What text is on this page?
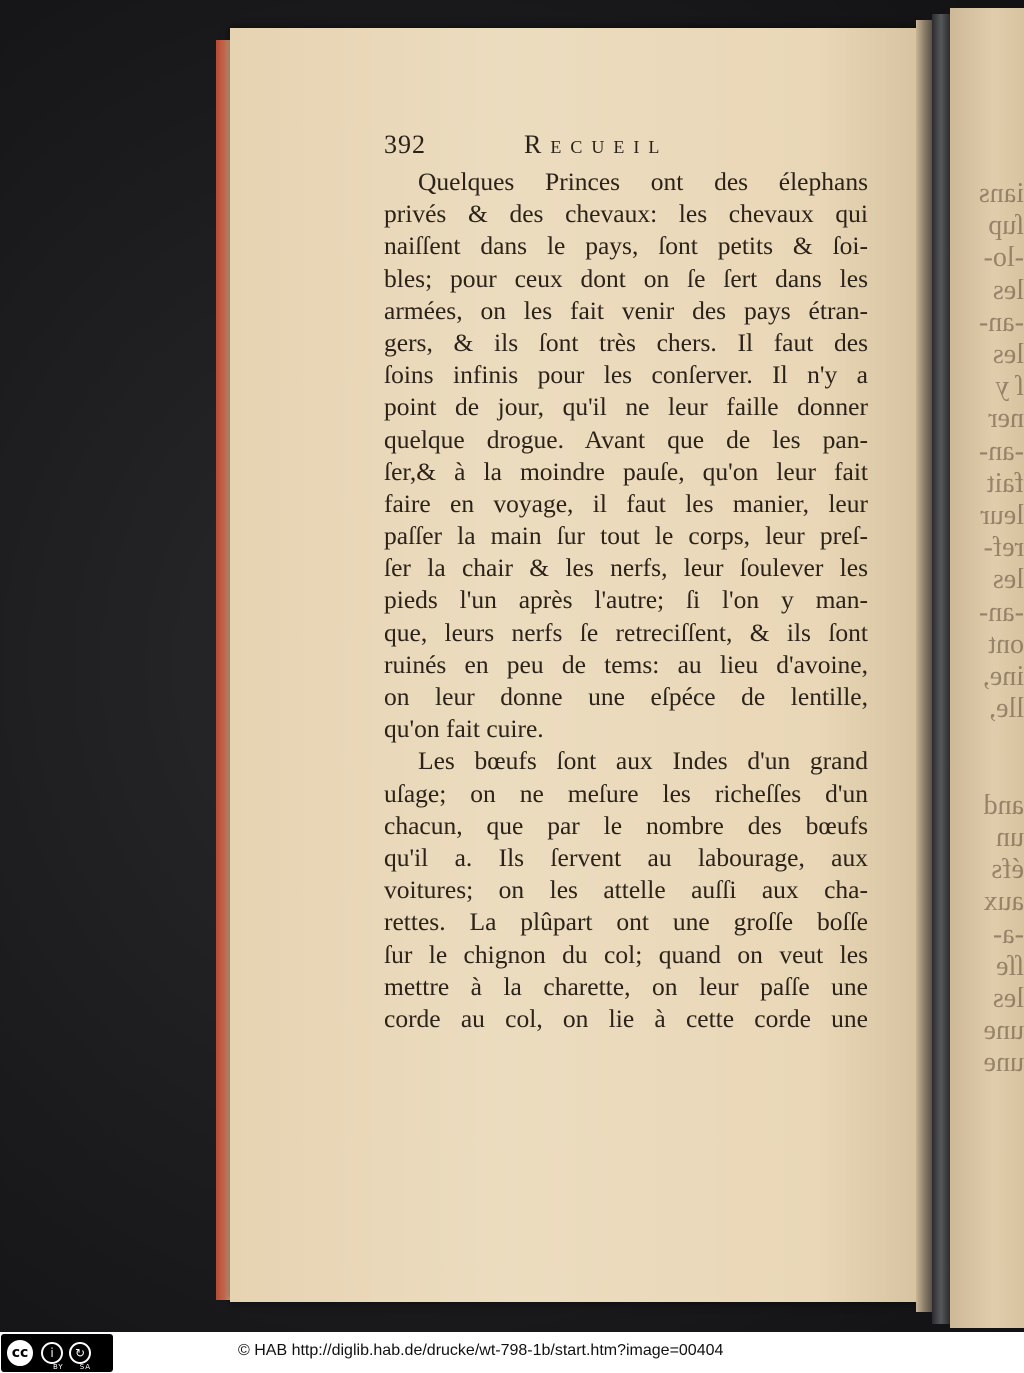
ians
ſup
-lo-
les
-an-
les
ſ y
ner
-an-
fait
leur
ref-
les
-an-
ont
ine,
lle,

and
un
éfs
aux
-a-
ſſe
les
une
une
392	Recueil
Quelques Princes ont des élephans
privés & des chevaux: les chevaux qui
naiſſent dans le pays, ſont petits & ſoi-
bles; pour ceux dont on ſe ſert dans les
armées, on les fait venir des pays étran-
gers, & ils ſont très chers. Il faut des
ſoins infinis pour les conſerver. Il n'y a
point de jour, qu'il ne leur faille donner
quelque drogue. Avant que de les pan-
ſer,& à la moindre pauſe, qu'on leur fait
faire en voyage, il faut les manier, leur
paſſer la main ſur tout le corps, leur preſ-
ſer la chair & les nerfs, leur ſoulever les
pieds l'un après l'autre; ſi l'on y man-
que, leurs nerfs ſe retreciſſent, & ils ſont
ruinés en peu de tems: au lieu d'avoine,
on leur donne une eſpéce de lentille,
qu'on fait cuire.
Les bœufs ſont aux Indes d'un grand
uſage; on ne meſure les richeſſes d'un
chacun, que par le nombre des bœufs
qu'il a. Ils ſervent au labourage, aux
voitures; on les attelle auſſi aux cha-
rettes. La plûpart ont une groſſe boſſe
ſur le chignon du col; quand on veut les
mettre à la charette, on leur paſſe une
corde au col, on lie à cette corde une
cc	i	↻
BY SA
© HAB http://diglib.hab.de/drucke/wt-798-1b/start.htm?image=00404
